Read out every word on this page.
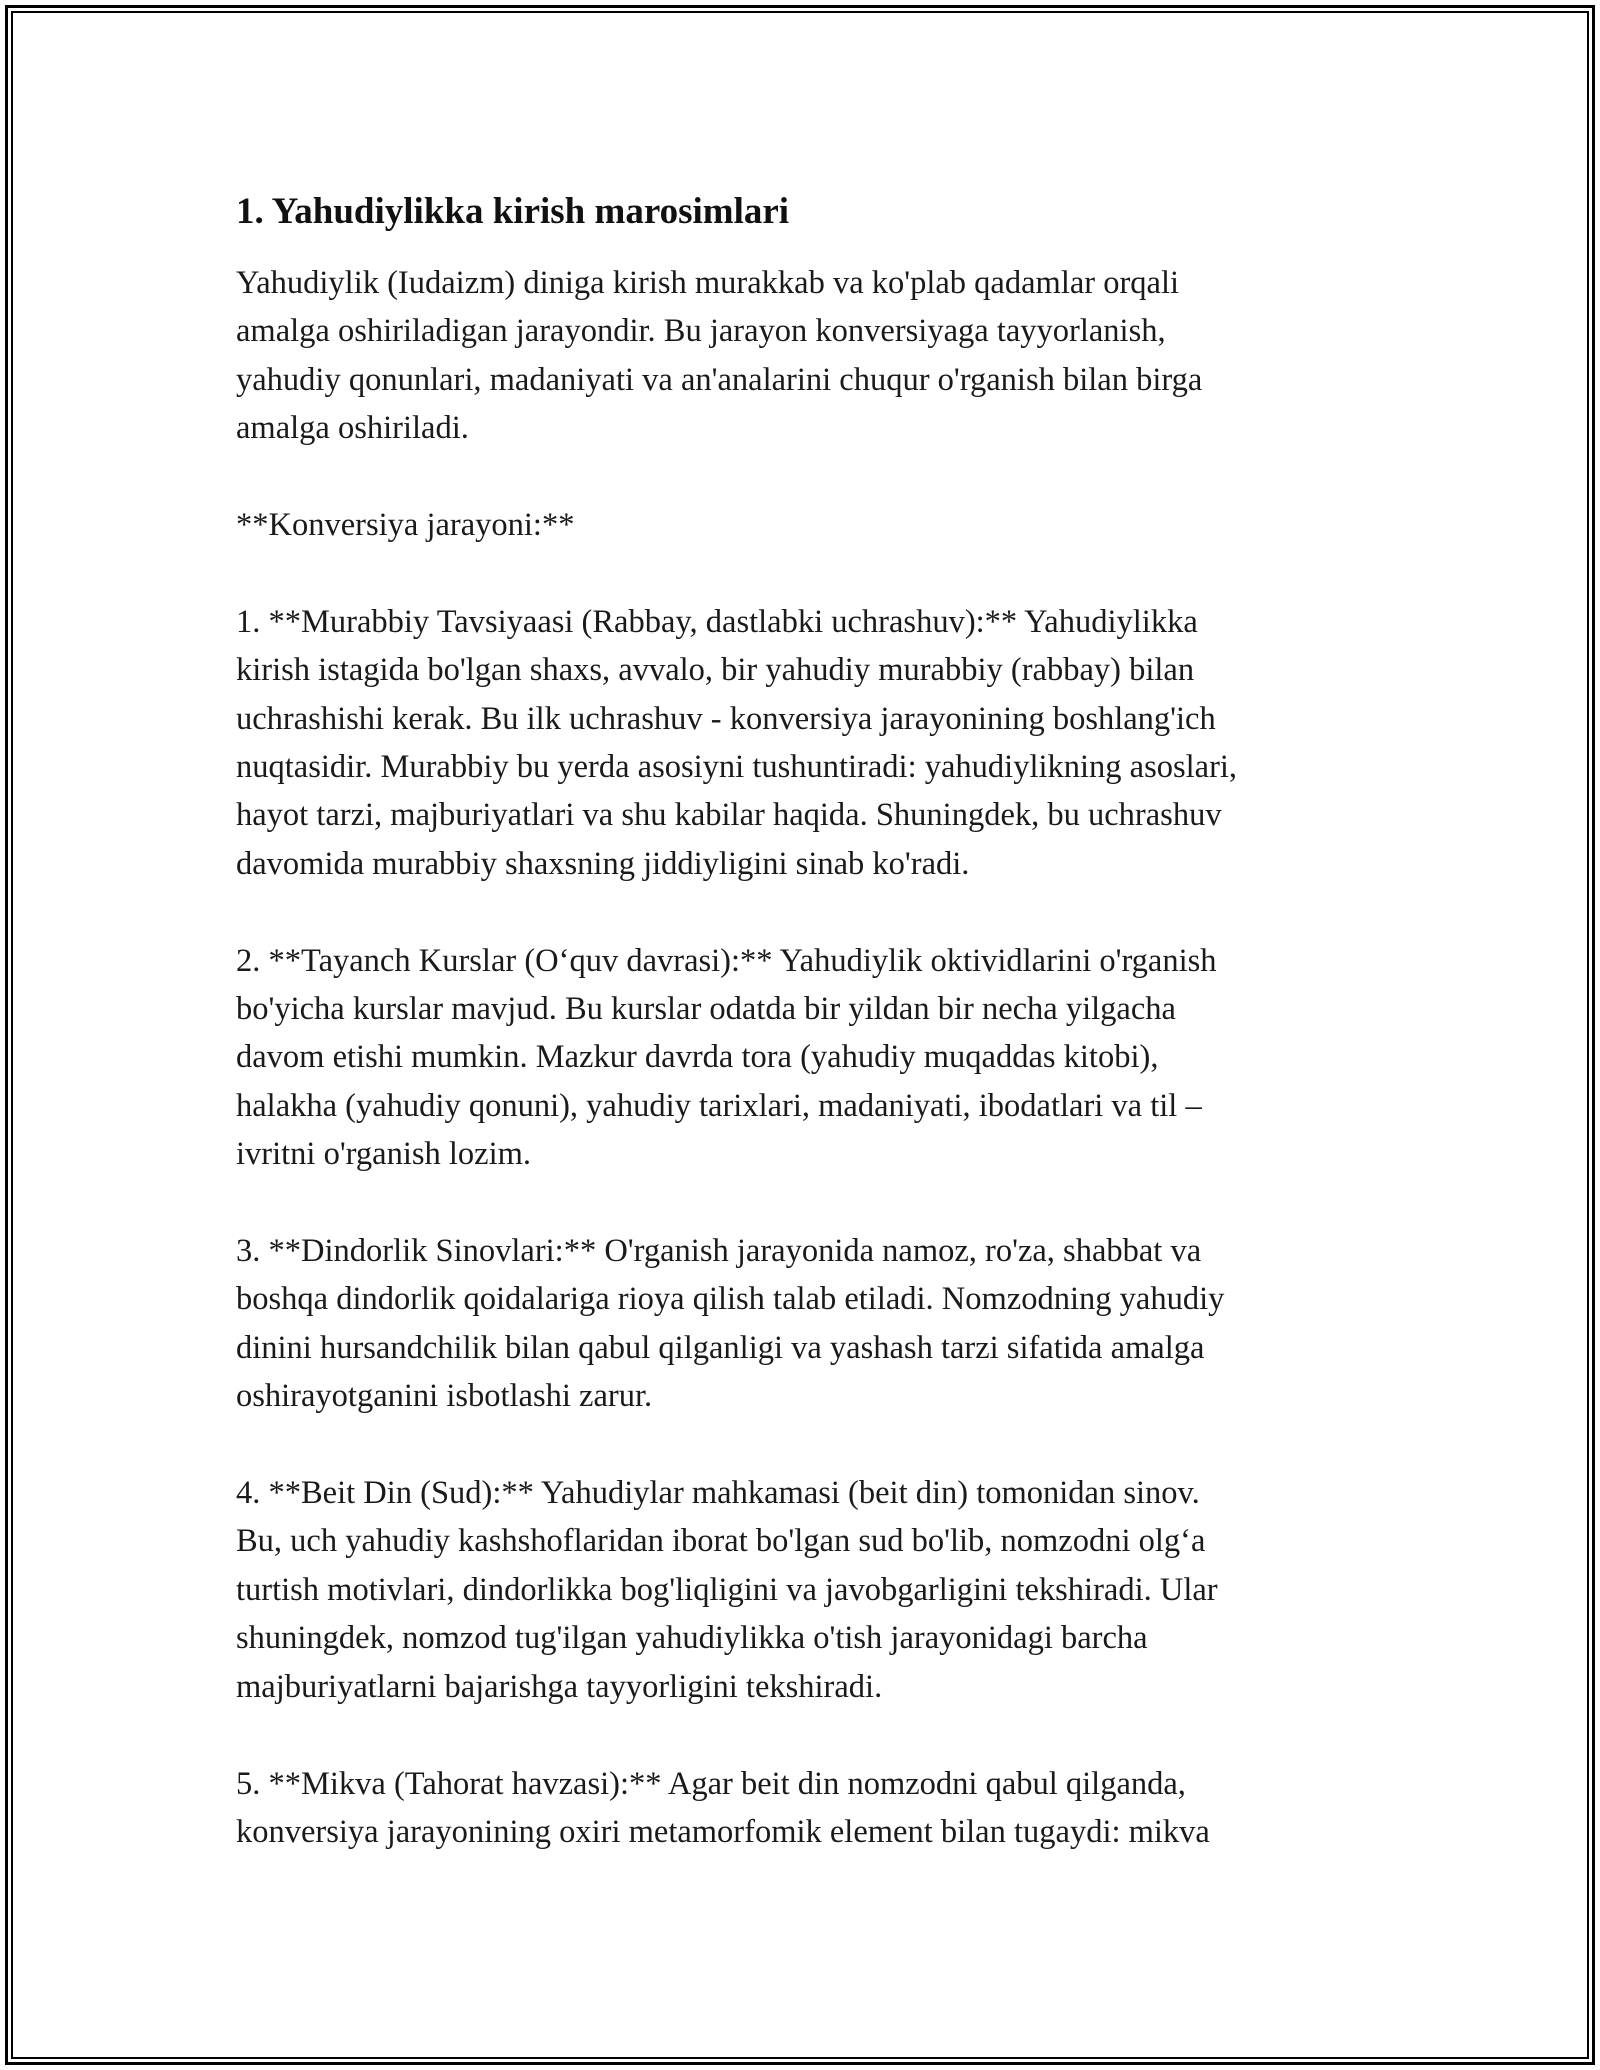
1. Yahudiylikka kirish marosimlari

Yahudiylik (Iudaizm) diniga kirish murakkab va ko'plab qadamlar orqali
amalga oshiriladigan jarayondir. Bu jarayon konversiyaga tayyorlanish,
yahudiy qonunlari, madaniyati va an'analarini chuqur o'rganish bilan birga
amalga oshiriladi.

**Konversiya jarayoni:**

1. **Murabbiy Tavsiyaasi (Rabbay, dastlabki uchrashuv):** Yahudiylikka
kirish istagida bo'lgan shaxs, avvalo, bir yahudiy murabbiy (rabbay) bilan
uchrashishi kerak. Bu ilk uchrashuv - konversiya jarayonining boshlang'ich
nuqtasidir. Murabbiy bu yerda asosiyni tushuntiradi: yahudiylikning asoslari,
hayot tarzi, majburiyatlari va shu kabilar haqida. Shuningdek, bu uchrashuv
davomida murabbiy shaxsning jiddiyligini sinab ko'radi.

2. **Tayanch Kurslar (O‘quv davrasi):** Yahudiylik oktividlarini o'rganish
bo'yicha kurslar mavjud. Bu kurslar odatda bir yildan bir necha yilgacha
davom etishi mumkin. Mazkur davrda tora (yahudiy muqaddas kitobi),
halakha (yahudiy qonuni), yahudiy tarixlari, madaniyati, ibodatlari va til –
ivritni o'rganish lozim.

3. **Dindorlik Sinovlari:** O'rganish jarayonida namoz, ro'za, shabbat va
boshqa dindorlik qoidalariga rioya qilish talab etiladi. Nomzodning yahudiy
dinini hursandchilik bilan qabul qilganligi va yashash tarzi sifatida amalga
oshirayotganini isbotlashi zarur.

4. **Beit Din (Sud):** Yahudiylar mahkamasi (beit din) tomonidan sinov.
Bu, uch yahudiy kashshoflaridan iborat bo'lgan sud bo'lib, nomzodni olg‘a
turtish motivlari, dindorlikka bog'liqligini va javobgarligini tekshiradi. Ular
shuningdek, nomzod tug'ilgan yahudiylikka o'tish jarayonidagi barcha
majburiyatlarni bajarishga tayyorligini tekshiradi.

5. **Mikva (Tahorat havzasi):** Agar beit din nomzodni qabul qilganda,
konversiya jarayonining oxiri metamorfomik element bilan tugaydi: mikva
